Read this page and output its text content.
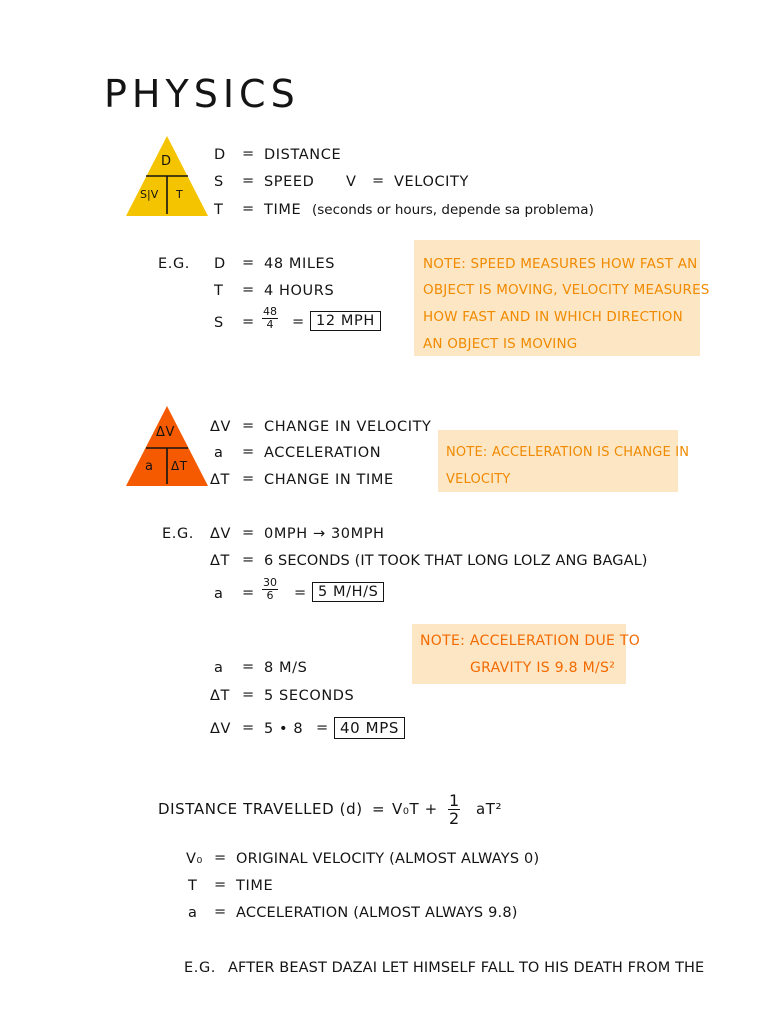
PHYSICS
D
S|V T
D = DISTANCE
S = SPEED V = VELOCITY
T = TIME (seconds or hours, depende sa problema)
E.G. D = 48 MILES
T = 4 HOURS
$S = \frac{48}{4} = 12$ MPH
NOTE: SPEED MEASURES HOW FAST AN
OBJECT IS MOVING, VELOCITY MEASURES
HOW FAST AND IN WHICH DIRECTION
AN OBJECT IS MOVING
ΔV
a ΔT
ΔV = CHANGE IN VELOCITY
a = ACCELERATION
ΔT = CHANGE IN TIME
NOTE: ACCELERATION IS CHANGE IN
VELOCITY
E.G. ΔV = 0MPH → 30MPH
ΔT = 6 SECONDS (IT TOOK THAT LONG LOLZ ANG BAGAL)
$a = \frac{30}{6} = 5$ M/H/S
NOTE: ACCELERATION DUE TO
GRAVITY IS 9.8 M/S²
a = 8 M/S
ΔT = 5 SECONDS
ΔV = 5 • 8 = 40 MPS
DISTANCE TRAVELLED $(d) = V_0T + \frac{1}{2} aT^2$
V₀ = ORIGINAL VELOCITY (ALMOST ALWAYS 0)
T = TIME
a = ACCELERATION (ALMOST ALWAYS 9.8)
E.G. AFTER BEAST DAZAI LET HIMSELF FALL TO HIS DEATH FROM THE
